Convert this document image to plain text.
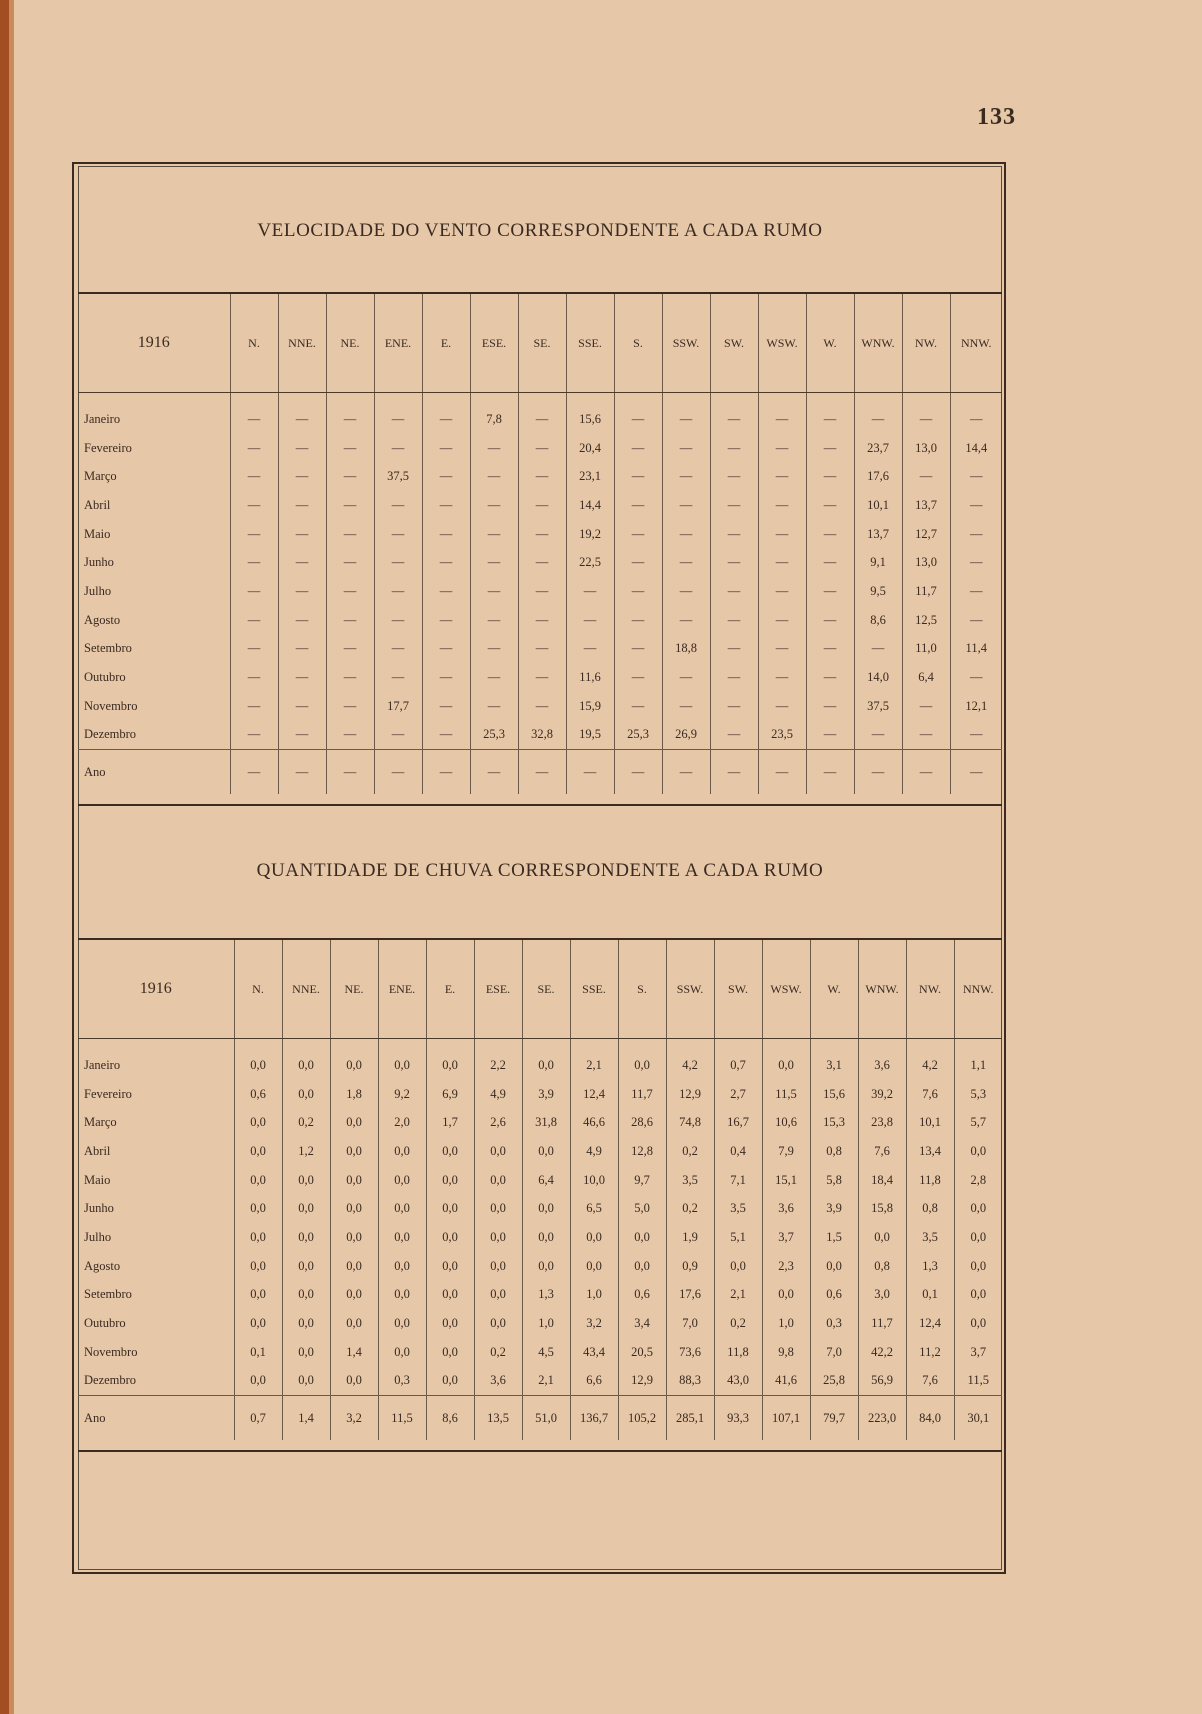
133
VELOCIDADE DO VENTO CORRESPONDENTE A CADA RUMO
1916	N.	NNE.	NE.	ENE.	E.	ESE.	SE.	SSE.	S.	SSW.	SW.	WSW.	W.	WNW.	NW.	NNW.
Janeiro	—	—	—	—	—	7,8	—	15,6	—	—	—	—	—	—	—	—
Fevereiro	—	—	—	—	—	—	—	20,4	—	—	—	—	—	23,7	13,0	14,4
Março	—	—	—	37,5	—	—	—	23,1	—	—	—	—	—	17,6	—	—
Abril	—	—	—	—	—	—	—	14,4	—	—	—	—	—	10,1	13,7	—
Maio	—	—	—	—	—	—	—	19,2	—	—	—	—	—	13,7	12,7	—
Junho	—	—	—	—	—	—	—	22,5	—	—	—	—	—	9,1	13,0	—
Julho	—	—	—	—	—	—	—	—	—	—	—	—	—	9,5	11,7	—
Agosto	—	—	—	—	—	—	—	—	—	—	—	—	—	8,6	12,5	—
Setembro	—	—	—	—	—	—	—	—	—	18,8	—	—	—	—	11,0	11,4
Outubro	—	—	—	—	—	—	—	11,6	—	—	—	—	—	14,0	6,4	—
Novembro	—	—	—	17,7	—	—	—	15,9	—	—	—	—	—	37,5	—	12,1
Dezembro	—	—	—	—	—	25,3	32,8	19,5	25,3	26,9	—	23,5	—	—	—	—
Ano	—	—	—	—	—	—	—	—	—	—	—	—	—	—	—	—
QUANTIDADE DE CHUVA CORRESPONDENTE A CADA RUMO
1916	N.	NNE.	NE.	ENE.	E.	ESE.	SE.	SSE.	S.	SSW.	SW.	WSW.	W.	WNW.	NW.	NNW.
Janeiro	0,0	0,0	0,0	0,0	0,0	2,2	0,0	2,1	0,0	4,2	0,7	0,0	3,1	3,6	4,2	1,1
Fevereiro	0,6	0,0	1,8	9,2	6,9	4,9	3,9	12,4	11,7	12,9	2,7	11,5	15,6	39,2	7,6	5,3
Março	0,0	0,2	0,0	2,0	1,7	2,6	31,8	46,6	28,6	74,8	16,7	10,6	15,3	23,8	10,1	5,7
Abril	0,0	1,2	0,0	0,0	0,0	0,0	0,0	4,9	12,8	0,2	0,4	7,9	0,8	7,6	13,4	0,0
Maio	0,0	0,0	0,0	0,0	0,0	0,0	6,4	10,0	9,7	3,5	7,1	15,1	5,8	18,4	11,8	2,8
Junho	0,0	0,0	0,0	0,0	0,0	0,0	0,0	6,5	5,0	0,2	3,5	3,6	3,9	15,8	0,8	0,0
Julho	0,0	0,0	0,0	0,0	0,0	0,0	0,0	0,0	0,0	1,9	5,1	3,7	1,5	0,0	3,5	0,0
Agosto	0,0	0,0	0,0	0,0	0,0	0,0	0,0	0,0	0,0	0,9	0,0	2,3	0,0	0,8	1,3	0,0
Setembro	0,0	0,0	0,0	0,0	0,0	0,0	1,3	1,0	0,6	17,6	2,1	0,0	0,6	3,0	0,1	0,0
Outubro	0,0	0,0	0,0	0,0	0,0	0,0	1,0	3,2	3,4	7,0	0,2	1,0	0,3	11,7	12,4	0,0
Novembro	0,1	0,0	1,4	0,0	0,0	0,2	4,5	43,4	20,5	73,6	11,8	9,8	7,0	42,2	11,2	3,7
Dezembro	0,0	0,0	0,0	0,3	0,0	3,6	2,1	6,6	12,9	88,3	43,0	41,6	25,8	56,9	7,6	11,5
Ano	0,7	1,4	3,2	11,5	8,6	13,5	51,0	136,7	105,2	285,1	93,3	107,1	79,7	223,0	84,0	30,1
